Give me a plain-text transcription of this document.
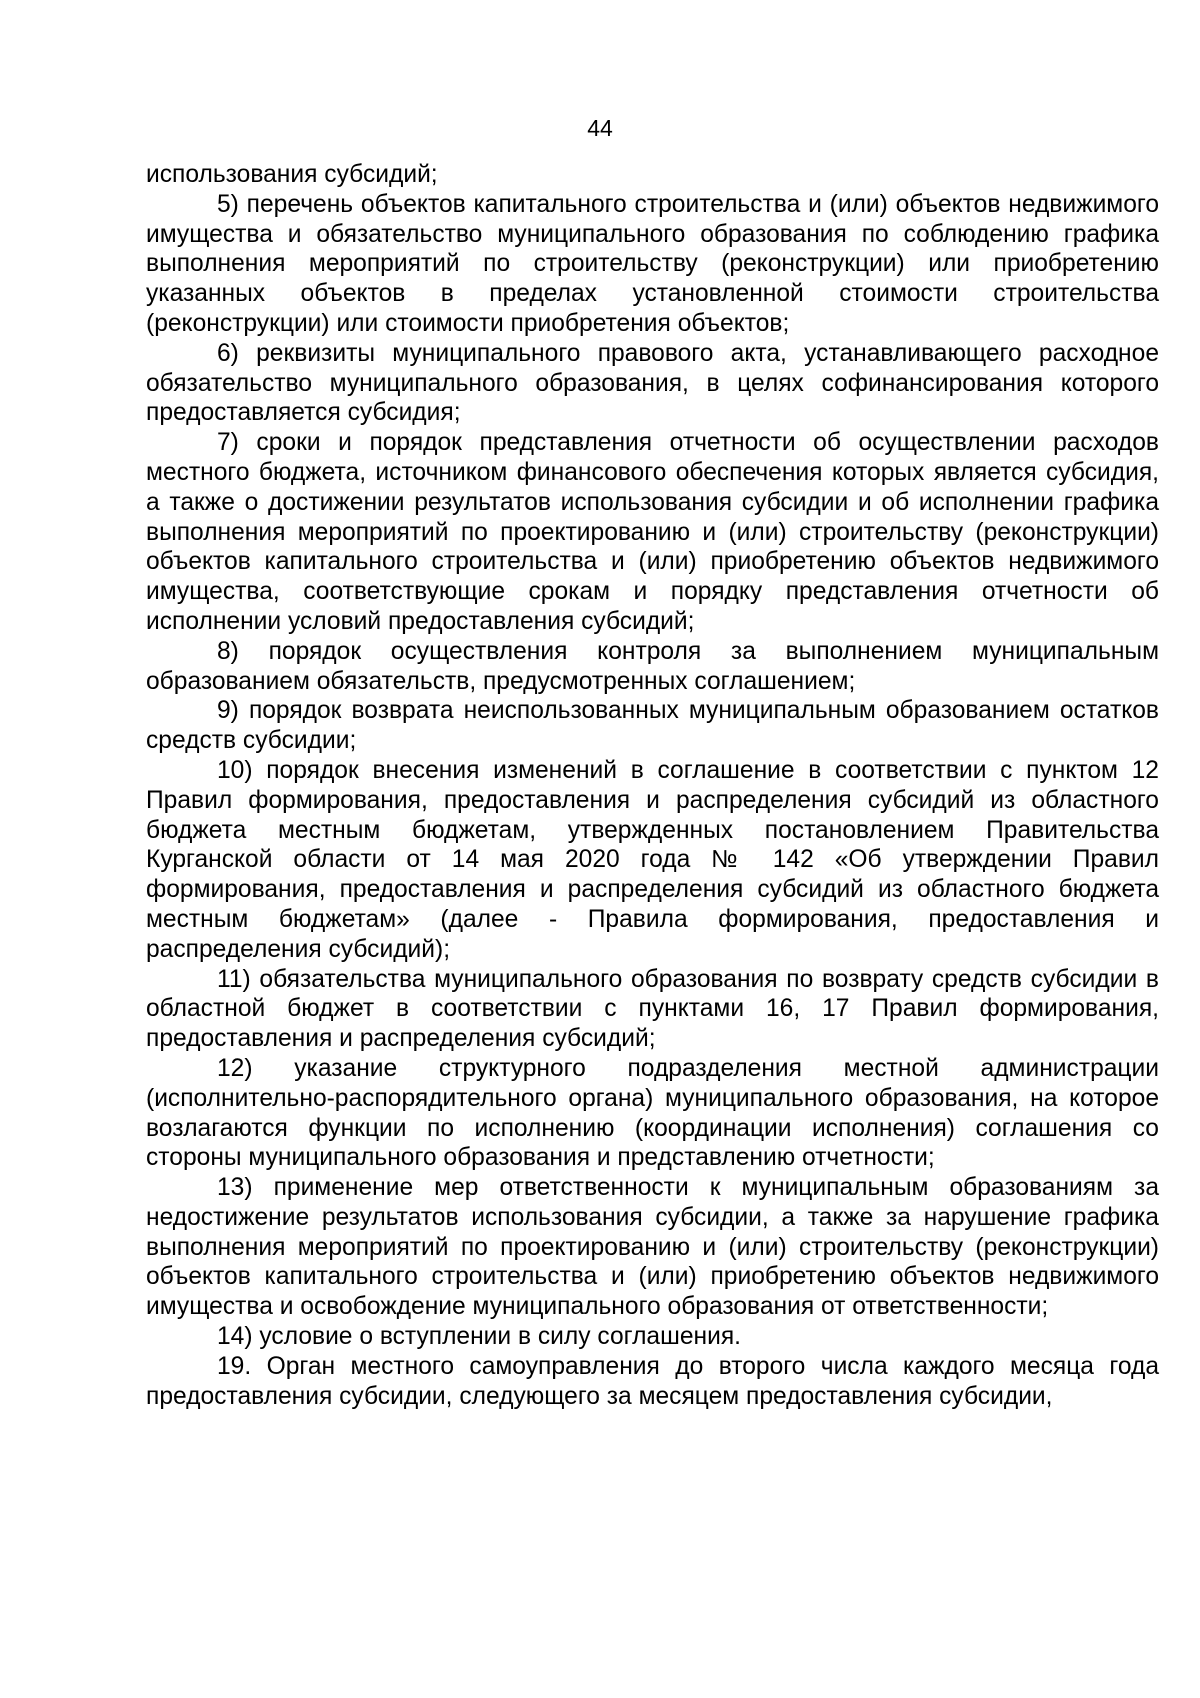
44

использования субсидий;

5) перечень объектов капитального строительства и (или) объектов недвижимого имущества и обязательство муниципального образования по соблюдению графика выполнения мероприятий по строительству (реконструкции) или приобретению указанных объектов в пределах установленной стоимости строительства (реконструкции) или стоимости приобретения объектов;

6) реквизиты муниципального правового акта, устанавливающего расходное обязательство муниципального образования, в целях софинансирования которого предоставляется субсидия;

7) сроки и порядок представления отчетности об осуществлении расходов местного бюджета, источником финансового обеспечения которых является субсидия, а также о достижении результатов использования субсидии и об исполнении графика выполнения мероприятий по проектированию и (или) строительству (реконструкции) объектов капитального строительства и (или) приобретению объектов недвижимого имущества, соответствующие срокам и порядку представления отчетности об исполнении условий предоставления субсидий;

8) порядок осуществления контроля за выполнением муниципальным образованием обязательств, предусмотренных соглашением;

9) порядок возврата неиспользованных муниципальным образованием остатков средств субсидии;

10) порядок внесения изменений в соглашение в соответствии с пунктом 12 Правил формирования, предоставления и распределения субсидий из областного бюджета местным бюджетам, утвержденных постановлением Правительства Курганской области от 14 мая 2020 года № 142 «Об утверждении Правил формирования, предоставления и распределения субсидий из областного бюджета местным бюджетам» (далее - Правила формирования, предоставления и распределения субсидий);

11) обязательства муниципального образования по возврату средств субсидии в областной бюджет в соответствии с пунктами 16, 17 Правил формирования, предоставления и распределения субсидий;

12) указание структурного подразделения местной администрации (исполнительно-распорядительного органа) муниципального образования, на которое возлагаются функции по исполнению (координации исполнения) соглашения со стороны муниципального образования и представлению отчетности;

13) применение мер ответственности к муниципальным образованиям за недостижение результатов использования субсидии, а также за нарушение графика выполнения мероприятий по проектированию и (или) строительству (реконструкции) объектов капитального строительства и (или) приобретению объектов недвижимого имущества и освобождение муниципального образования от ответственности;

14) условие о вступлении в силу соглашения.

19. Орган местного самоуправления до второго числа каждого месяца года предоставления субсидии, следующего за месяцем предоставления субсидии,
